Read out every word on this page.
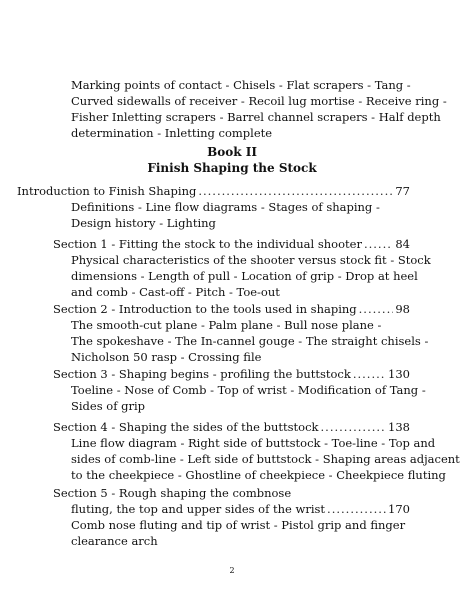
Marking points of contact - Chisels - Flat scrapers - Tang -
Curved sidewalls of receiver - Recoil lug mortise - Receive ring -
Fisher Inletting scrapers - Barrel channel scrapers - Half depth
determination - Inletting complete
Book II
Finish Shaping the Stock
Introduction to Finish Shaping .....	77
Definitions - Line flow diagrams - Stages of shaping -
Design history - Lighting
Section 1 - Fitting the stock to the individual shooter .....	84
Physical characteristics of the shooter versus stock fit - Stock
dimensions - Length of pull - Location of grip - Drop at heel
and comb - Cast-off - Pitch - Toe-out
Section 2 - Introduction to the tools used in shaping .....	98
The smooth-cut plane - Palm plane - Bull nose plane -
The spokeshave - The In-cannel gouge - The straight chisels -
Nicholson 50 rasp - Crossing file
Section 3 - Shaping begins - profiling the buttstock .....	130
Toeline - Nose of Comb - Top of wrist - Modification of Tang -
Sides of grip
Section 4 - Shaping the sides of the buttstock .....	138
Line flow diagram - Right side of buttstock - Toe-line - Top and
sides of comb-line - Left side of buttstock - Shaping areas adjacent
to the cheekpiece - Ghostline of cheekpiece - Cheekpiece fluting
Section 5 - Rough shaping the combnose
fluting, the top and upper sides of the wrist .....	170
Comb nose fluting and tip of wrist - Pistol grip and finger
clearance arch
2
